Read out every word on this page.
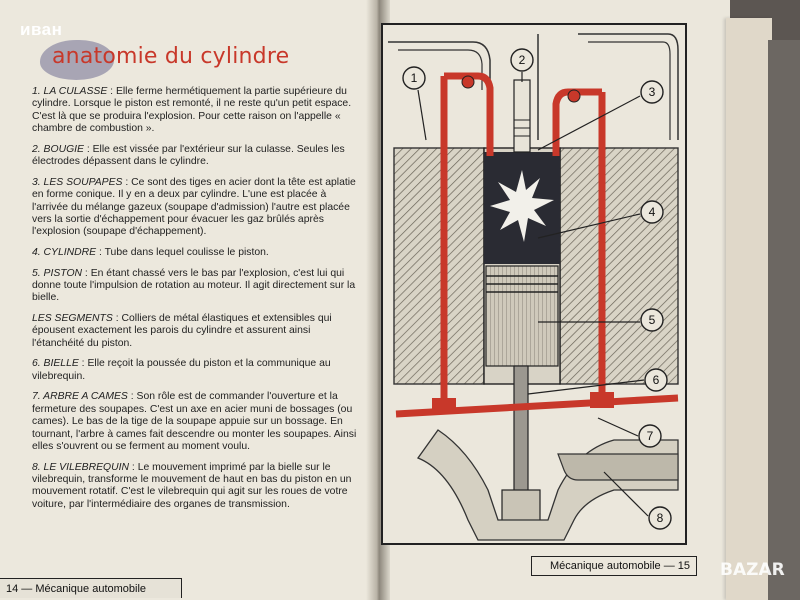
иван
anatomie du cylindre

1. LA CULASSE : Elle ferme hermétiquement la partie supérieure du cylindre. Lorsque le piston est remonté, il ne reste qu'un petit espace. C'est là que se produira l'explosion. Pour cette raison on l'appelle « chambre de combustion ».

2. BOUGIE : Elle est vissée par l'extérieur sur la culasse. Seules les électrodes dépassent dans le cylindre.

3. LES SOUPAPES : Ce sont des tiges en acier dont la tête est aplatie en forme conique. Il y en a deux par cylindre. L'une est placée à l'arrivée du mélange gazeux (soupape d'admission) l'autre est placée vers la sortie d'échappement pour évacuer les gaz brûlés après l'explosion (soupape d'échappement).

4. CYLINDRE : Tube dans lequel coulisse le piston.

5. PISTON : En étant chassé vers le bas par l'explosion, c'est lui qui donne toute l'impulsion de rotation au moteur. Il agit directement sur la bielle.

LES SEGMENTS : Colliers de métal élastiques et extensibles qui épousent exactement les parois du cylindre et assurent ainsi l'étanchéité du piston.

6. BIELLE : Elle reçoit la poussée du piston et la communique au vilebrequin.

7. ARBRE A CAMES : Son rôle est de commander l'ouverture et la fermeture des soupapes. C'est un axe en acier muni de bossages (ou cames). Le bas de la tige de la soupape appuie sur un bossage. En tournant, l'arbre à cames fait descendre ou monter les soupapes. Ainsi elles s'ouvrent ou se ferment au moment voulu.

8. LE VILEBREQUIN : Le mouvement imprimé par la bielle sur le vilebrequin, transforme le mouvement de haut en bas du piston en un mouvement rotatif. C'est le vilebrequin qui agit sur les roues de votre voiture, par l'intermédiaire des organes de transmission.

14 — Mécanique automobile
1
2
3
4
5
6
7
8
Mécanique automobile — 15	BAZAR
